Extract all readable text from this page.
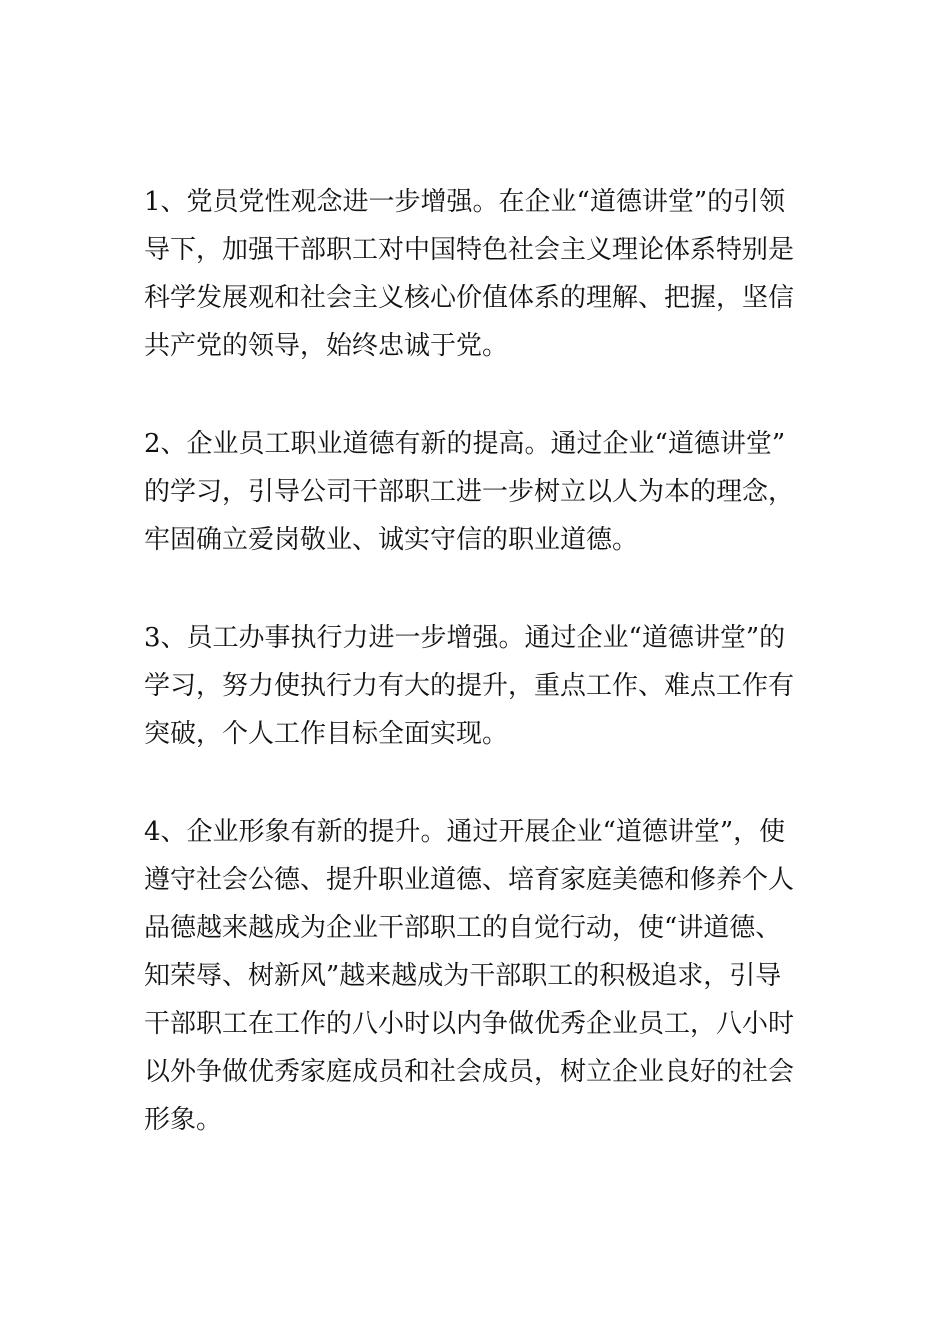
1、党员党性观念进一步增强。在企业“道德讲堂”的引领
导下，加强干部职工对中国特色社会主义理论体系特别是
科学发展观和社会主义核心价值体系的理解、把握，坚信
共产党的领导，始终忠诚于党。

2、企业员工职业道德有新的提高。通过企业“道德讲堂”
的学习，引导公司干部职工进一步树立以人为本的理念，
牢固确立爱岗敬业、诚实守信的职业道德。

3、员工办事执行力进一步增强。通过企业“道德讲堂”的
学习，努力使执行力有大的提升，重点工作、难点工作有
突破，个人工作目标全面实现。

4、企业形象有新的提升。通过开展企业“道德讲堂”，使
遵守社会公德、提升职业道德、培育家庭美德和修养个人
品德越来越成为企业干部职工的自觉行动，使“讲道德、
知荣辱、树新风”越来越成为干部职工的积极追求，引导
干部职工在工作的八小时以内争做优秀企业员工，八小时
以外争做优秀家庭成员和社会成员，树立企业良好的社会
形象。
